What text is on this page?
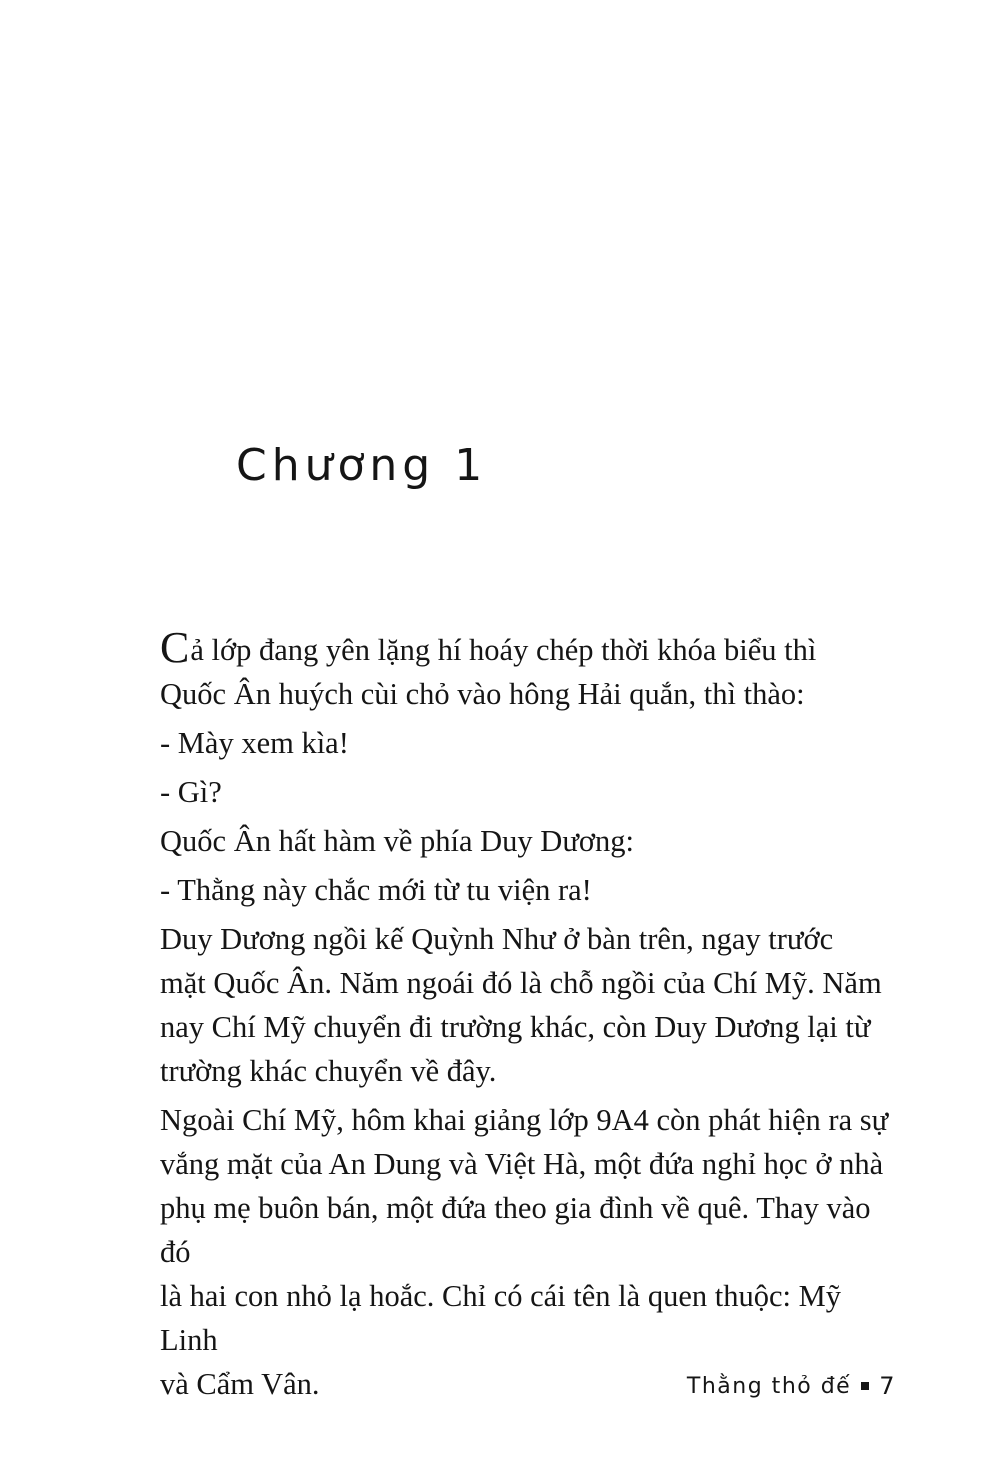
Chương 1

Cả lớp đang yên lặng hí hoáy chép thời khóa biểu thì
Quốc Ân huých cùi chỏ vào hông Hải quắn, thì thào:

- Mày xem kìa!

- Gì?

Quốc Ân hất hàm về phía Duy Dương:

- Thằng này chắc mới từ tu viện ra!

Duy Dương ngồi kế Quỳnh Như ở bàn trên, ngay trước
mặt Quốc Ân. Năm ngoái đó là chỗ ngồi của Chí Mỹ. Năm
nay Chí Mỹ chuyển đi trường khác, còn Duy Dương lại từ
trường khác chuyển về đây.

Ngoài Chí Mỹ, hôm khai giảng lớp 9A4 còn phát hiện ra sự
vắng mặt của An Dung và Việt Hà, một đứa nghỉ học ở nhà
phụ mẹ buôn bán, một đứa theo gia đình về quê. Thay vào đó
là hai con nhỏ lạ hoắc. Chỉ có cái tên là quen thuộc: Mỹ Linh
và Cẩm Vân.	Thằng thỏ đế 7
